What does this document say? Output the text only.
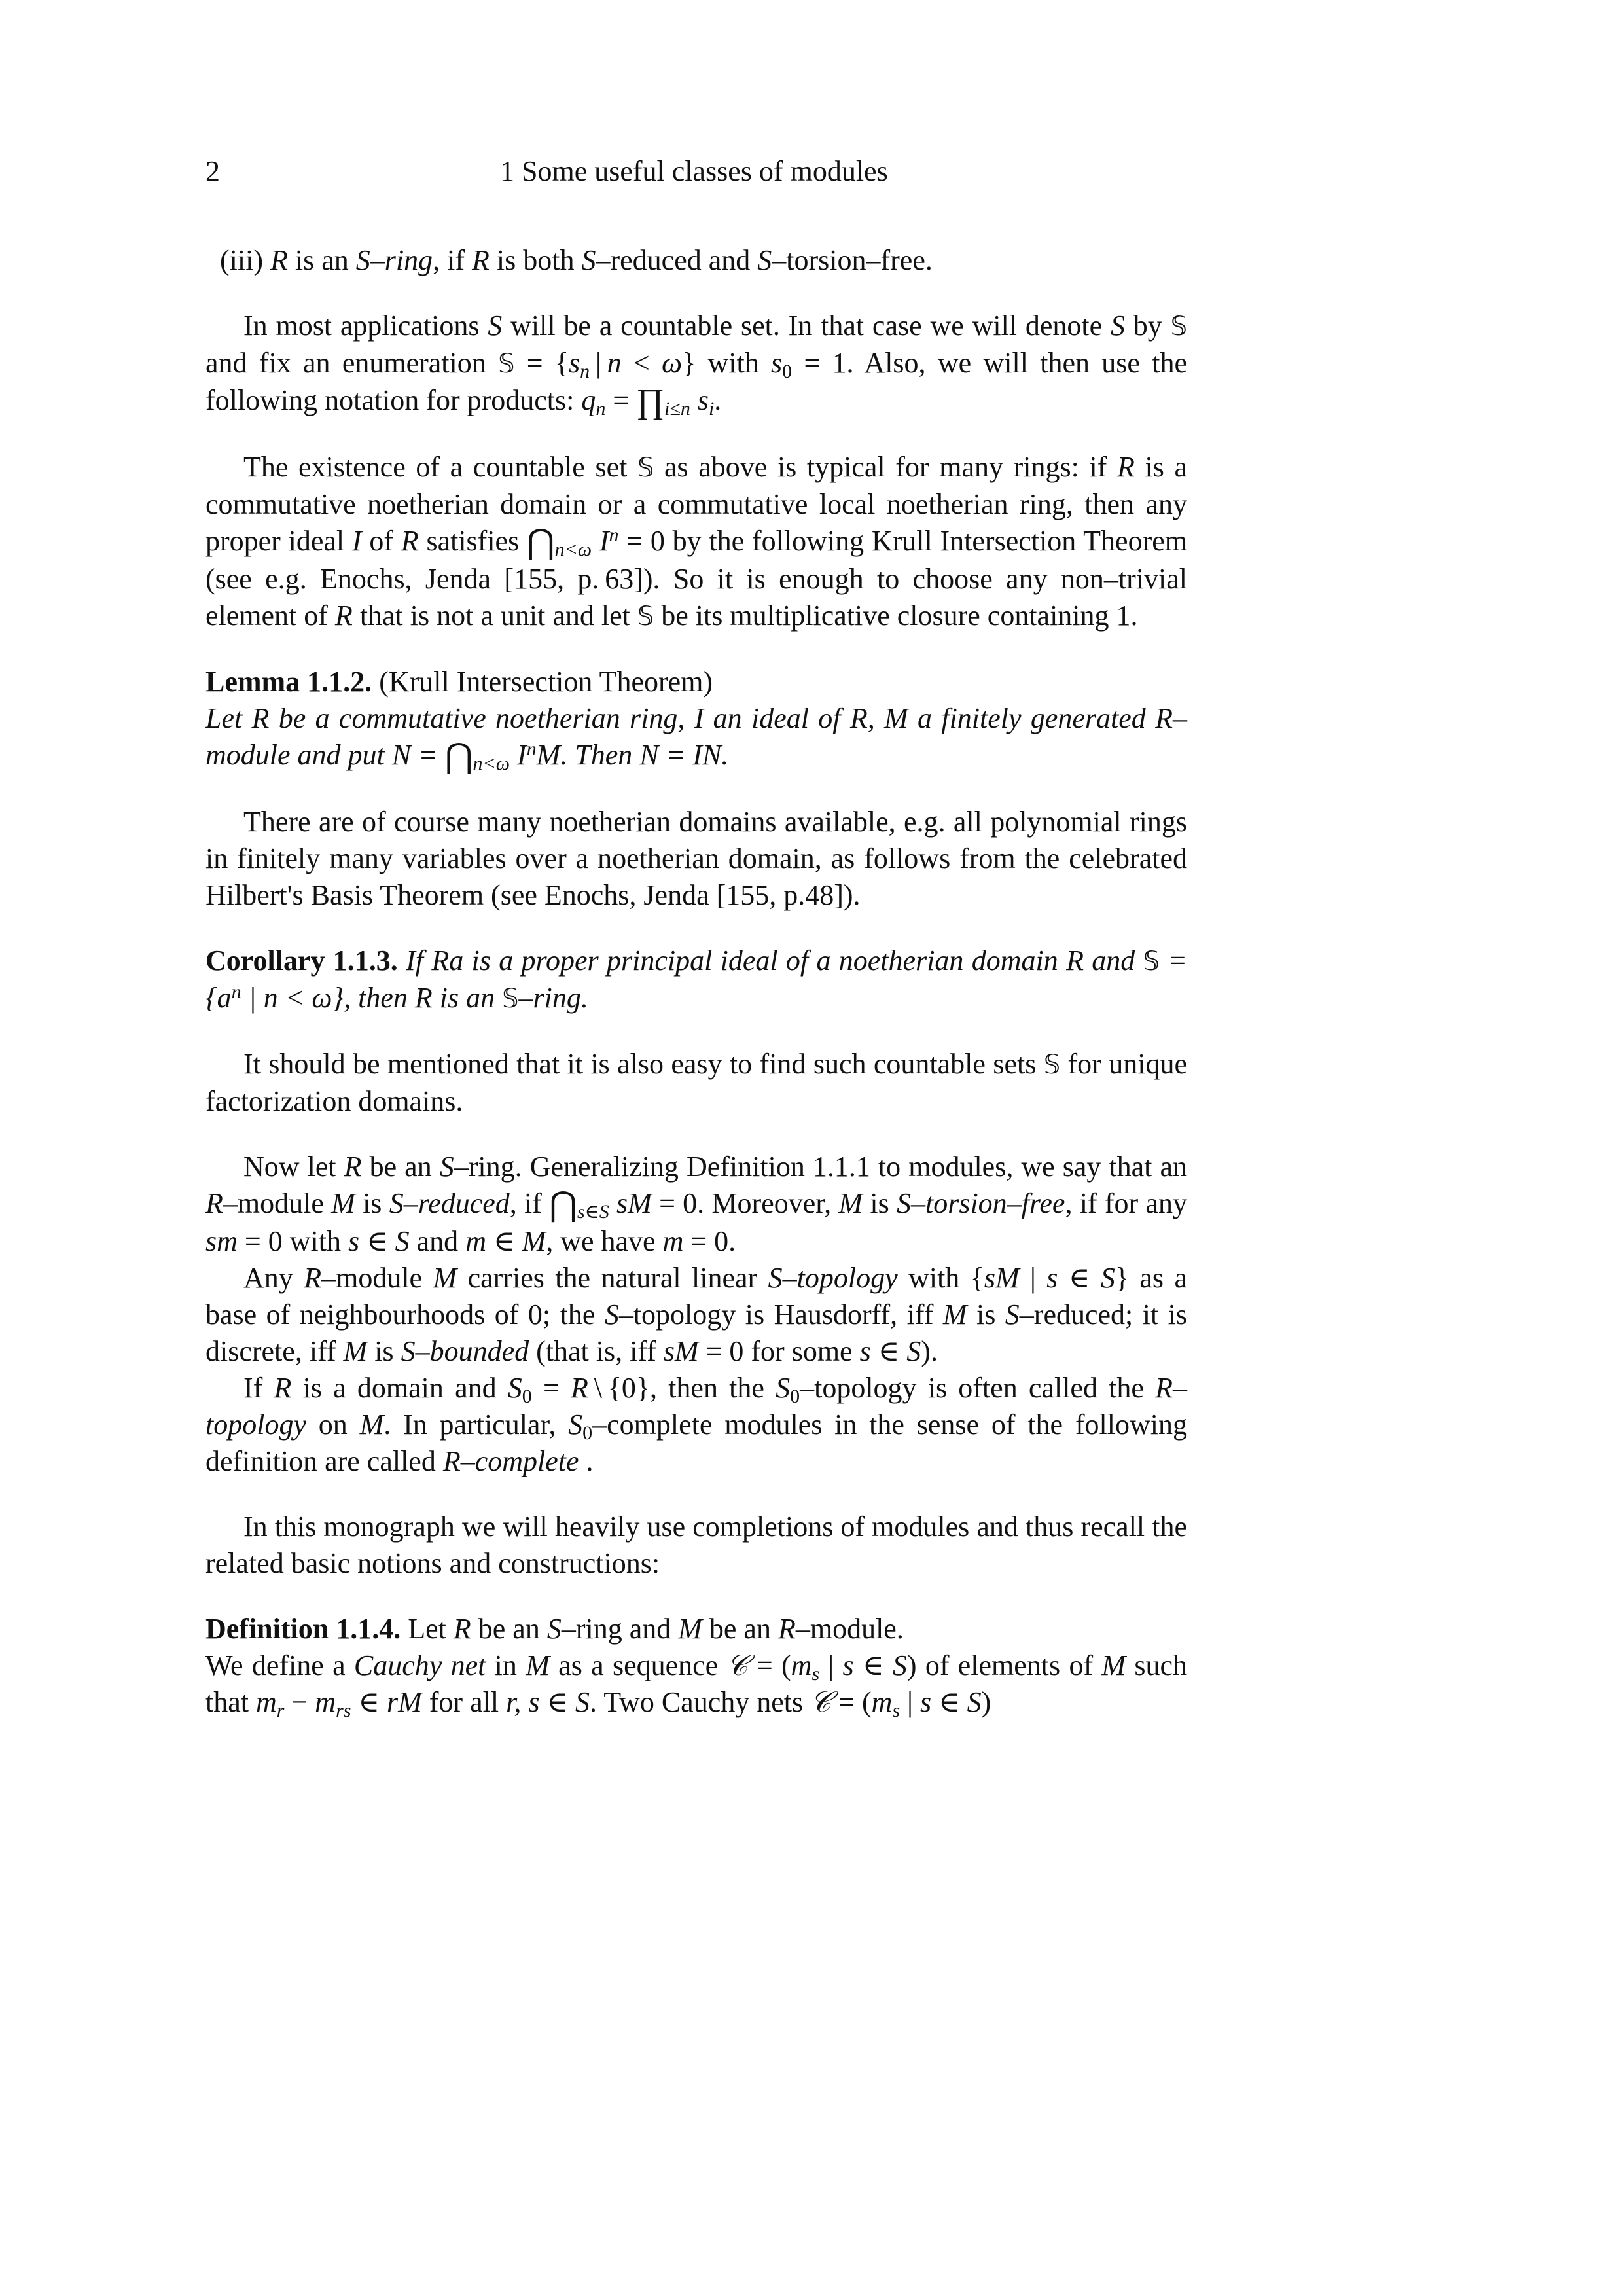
2	1 Some useful classes of modules

(iii) R is an S–ring, if R is both S–reduced and S–torsion–free.

In most applications S will be a countable set. In that case we will denote S by 𝕊 and fix an enumeration 𝕊 = {$s_n$ | n < ω} with $s_0 = 1$. Also, we will then use the following notation for products: $q_n$ = $\prod_{i\le n}$ $s_i$.

The existence of a countable set 𝕊 as above is typical for many rings: if R is a commutative noetherian domain or a commutative local noetherian ring, then any proper ideal I of R satisfies $⋂_{n<\omega}$ $I^n = 0$ by the following Krull Intersection Theorem (see e.g. Enochs, Jenda [155, p. 63]). So it is enough to choose any non–trivial element of R that is not a unit and let 𝕊 be its multiplicative closure containing 1.

Lemma 1.1.2. (Krull Intersection Theorem)
Let R be a commutative noetherian ring, I an ideal of R, M a finitely generated R–module and put $N = ⋂_{n<\omega}$ $I^nM$. Then N = IN.

There are of course many noetherian domains available, e.g. all polynomial rings in finitely many variables over a noetherian domain, as follows from the celebrated Hilbert's Basis Theorem (see Enochs, Jenda [155, p.48]).

Corollary 1.1.3. If Ra is a proper principal ideal of a noetherian domain R and 𝕊 = {$a^n$ | n < ω}, then R is an 𝕊–ring.

It should be mentioned that it is also easy to find such countable sets 𝕊 for unique factorization domains.

Now let R be an S–ring. Generalizing Definition 1.1.1 to modules, we say that an R–module M is S–reduced, if $⋂_{s\in S}$ sM = 0. Moreover, M is S–torsion–free, if for any sm = 0 with s ∈ S and m ∈ M, we have m = 0.

Any R–module M carries the natural linear S–topology with {sM | s ∈ S} as a base of neighbourhoods of 0; the S–topology is Hausdorff, iff M is S–reduced; it is discrete, iff M is S–bounded (that is, iff sM = 0 for some s ∈ S).

If R is a domain and $S_0 = R$ \ {0}, then the $S_0$–topology is often called the R–topology on M. In particular, $S_0$–complete modules in the sense of the following definition are called R–complete .

In this monograph we will heavily use completions of modules and thus recall the related basic notions and constructions:

Definition 1.1.4. Let R be an S–ring and M be an R–module.
We define a Cauchy net in M as a sequence 𝒞 = ($m_s$ | s ∈ S) of elements of M such that $m_r - m_{rs}$ ∈ rM for all r, s ∈ S. Two Cauchy nets 𝒞 = ($m_s$ | s ∈ S)
